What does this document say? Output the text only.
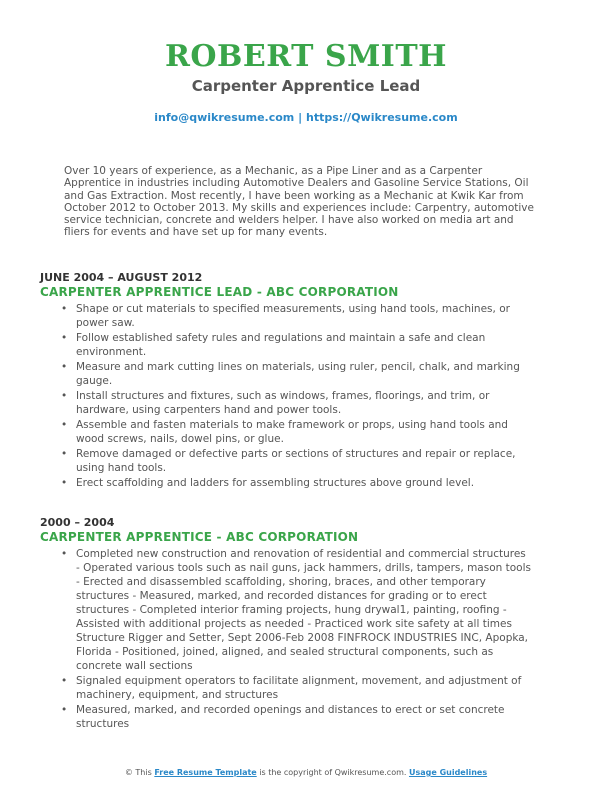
ROBERT SMITH
Carpenter Apprentice Lead
info@qwikresume.com | https://Qwikresume.com

Over 10 years of experience, as a Mechanic, as a Pipe Liner and as a Carpenter Apprentice in industries including Automotive Dealers and Gasoline Service Stations, Oil and Gas Extraction. Most recently, I have been working as a Mechanic at Kwik Kar from October 2012 to October 2013. My skills and experiences include: Carpentry, automotive service technician, concrete and welders helper. I have also worked on media art and fliers for events and have set up for many events.

JUNE 2004 – AUGUST 2012
CARPENTER APPRENTICE LEAD - ABC CORPORATION
• Shape or cut materials to specified measurements, using hand tools, machines, or power saw.
• Follow established safety rules and regulations and maintain a safe and clean environment.
• Measure and mark cutting lines on materials, using ruler, pencil, chalk, and marking gauge.
• Install structures and fixtures, such as windows, frames, floorings, and trim, or hardware, using carpenters hand and power tools.
• Assemble and fasten materials to make framework or props, using hand tools and wood screws, nails, dowel pins, or glue.
• Remove damaged or defective parts or sections of structures and repair or replace, using hand tools.
• Erect scaffolding and ladders for assembling structures above ground level.
2000 – 2004
CARPENTER APPRENTICE - ABC CORPORATION
• Completed new construction and renovation of residential and commercial structures - Operated various tools such as nail guns, jack hammers, drills, tampers, mason tools - Erected and disassembled scaffolding, shoring, braces, and other temporary structures - Measured, marked, and recorded distances for grading or to erect structures - Completed interior framing projects, hung drywal1, painting, roofing - Assisted with additional projects as needed - Practiced work site safety at all times Structure Rigger and Setter, Sept 2006-Feb 2008 FINFROCK INDUSTRIES INC, Apopka, Florida - Positioned, joined, aligned, and sealed structural components, such as concrete wall sections
• Signaled equipment operators to facilitate alignment, movement, and adjustment of machinery, equipment, and structures
• Measured, marked, and recorded openings and distances to erect or set concrete structures
© This Free Resume Template is the copyright of Qwikresume.com. Usage Guidelines
